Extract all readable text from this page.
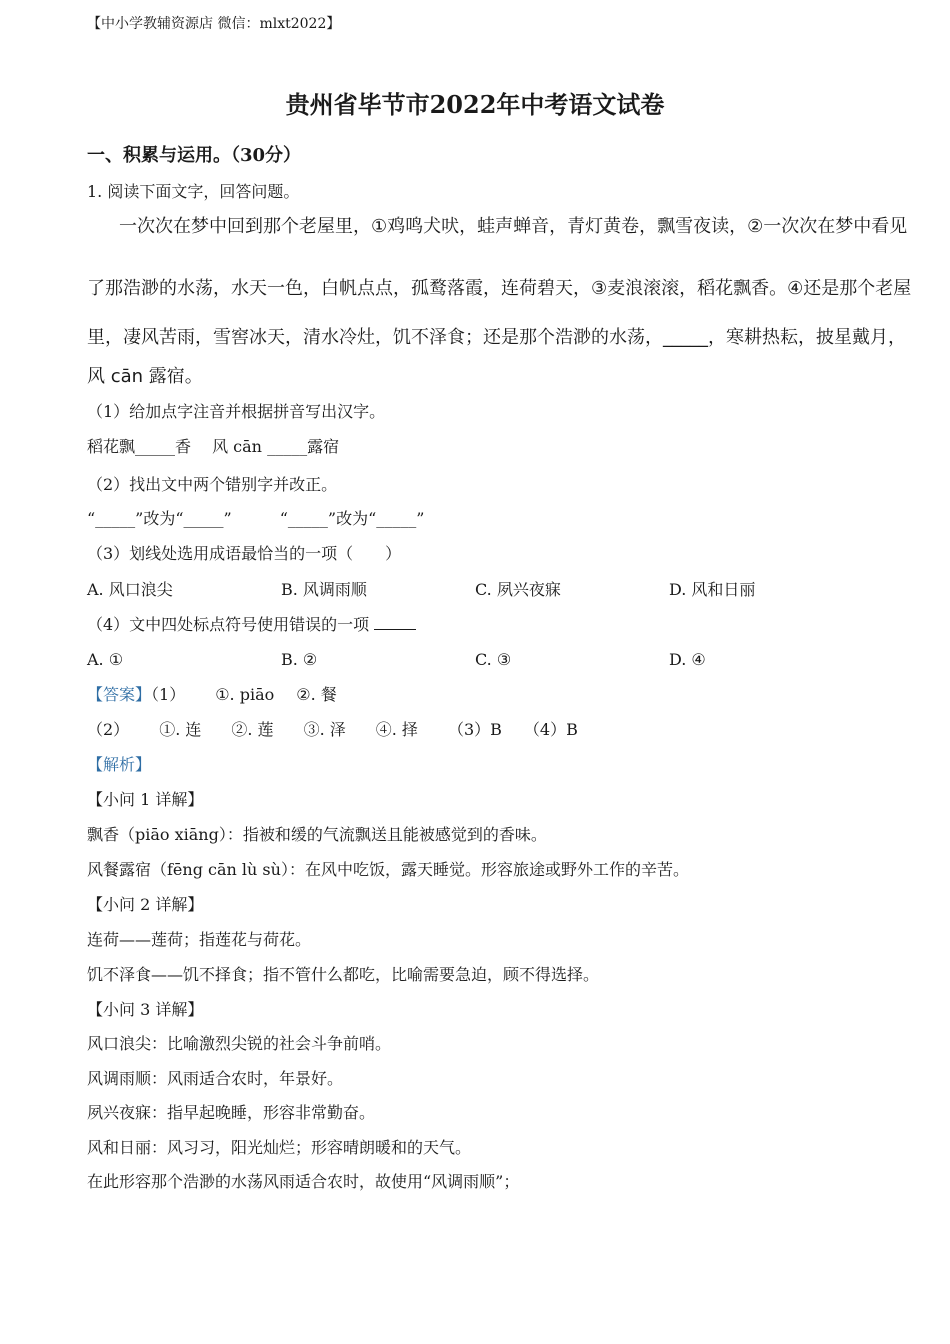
【中小学教辅资源店 微信：mlxt2022】
贵州省毕节市2022年中考语文试卷
一、积累与运用。（30分）
1. 阅读下面文字，回答问题。
一次次在梦中回到那个老屋里，①鸡鸣犬吠，蛙声蝉音，青灯黄卷，飘雪夜读，②一次次在梦中看见
了那浩渺的水荡，水天一色，白帆点点，孤鹜落霞，连荷碧天，③麦浪滚滚，稻花飘香。④还是那个老屋
里，凄风苦雨，雪窖冰天，清水冷灶，饥不泽食；还是那个浩渺的水荡，_____，寒耕热耘，披星戴月，
风 cān 露宿。
（1）给加点字注音并根据拼音写出汉字。
稻花飘_____香　 风 cān _____露宿
（2）找出文中两个错别字并改正。
“_____”改为“_____”　　　“_____”改为“_____”
（3）划线处选用成语最恰当的一项（　　）
A. 风口浪尖	B. 风调雨顺	C. 夙兴夜寐	D. 风和日丽
（4）文中四处标点符号使用错误的一项
A. ①	B. ②	C. ③	D. ④
【答案】（1） ①. piāo ②. 餐
（2） ①. 连 ②. 莲 ③. 泽 ④. 择 （3）B （4）B
【解析】
【小问 1 详解】
飘香（piāo xiāng）：指被和缓的气流飘送且能被感觉到的香味。
风餐露宿（fēng cān lù sù）：在风中吃饭，露天睡觉。形容旅途或野外工作的辛苦。
【小问 2 详解】
连荷——莲荷；指莲花与荷花。
饥不泽食——饥不择食；指不管什么都吃，比喻需要急迫，顾不得选择。
【小问 3 详解】
风口浪尖：比喻激烈尖锐的社会斗争前哨。
风调雨顺：风雨适合农时，年景好。
夙兴夜寐：指早起晚睡，形容非常勤奋。
风和日丽：风习习，阳光灿烂；形容晴朗暖和的天气。
在此形容那个浩渺的水荡风雨适合农时，故使用“风调雨顺”；
